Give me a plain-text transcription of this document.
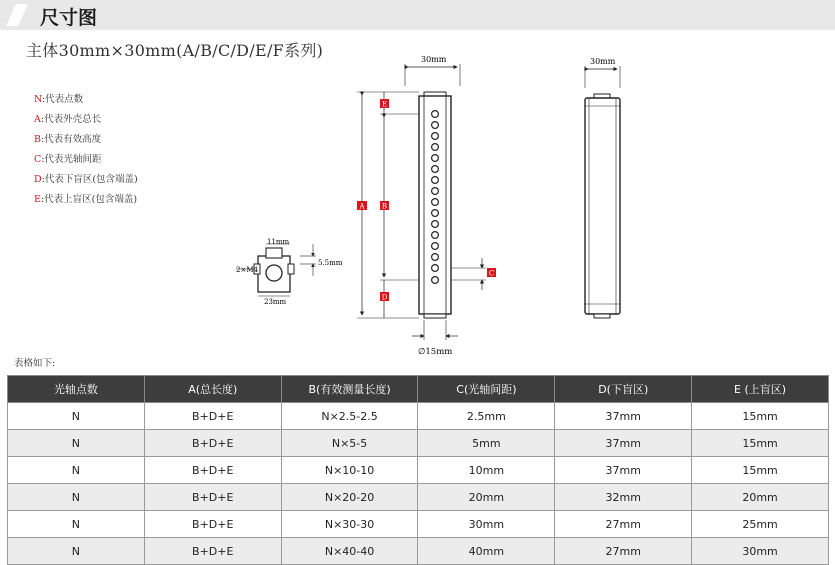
尺寸图
主体30mm×30mm(A/B/C/D/E/F系列)
N:代表点数
A:代表外壳总长
B:代表有效高度
C:代表光轴间距
D:代表下盲区(包含端盖)
E:代表上盲区(包含端盖)
11mm
5.5mm
2×M4
23mm
30mm
A
E
B
D
C
∅15mm
30mm
表格如下:
光轴点数	A(总长度)	B(有效测量长度)	C(光轴间距)	D(下盲区)	E (上盲区)
N	B+D+E	N×2.5-2.5	2.5mm	37mm	15mm
N	B+D+E	N×5-5	5mm	37mm	15mm
N	B+D+E	N×10-10	10mm	37mm	15mm
N	B+D+E	N×20-20	20mm	32mm	20mm
N	B+D+E	N×30-30	30mm	27mm	25mm
N	B+D+E	N×40-40	40mm	27mm	30mm
